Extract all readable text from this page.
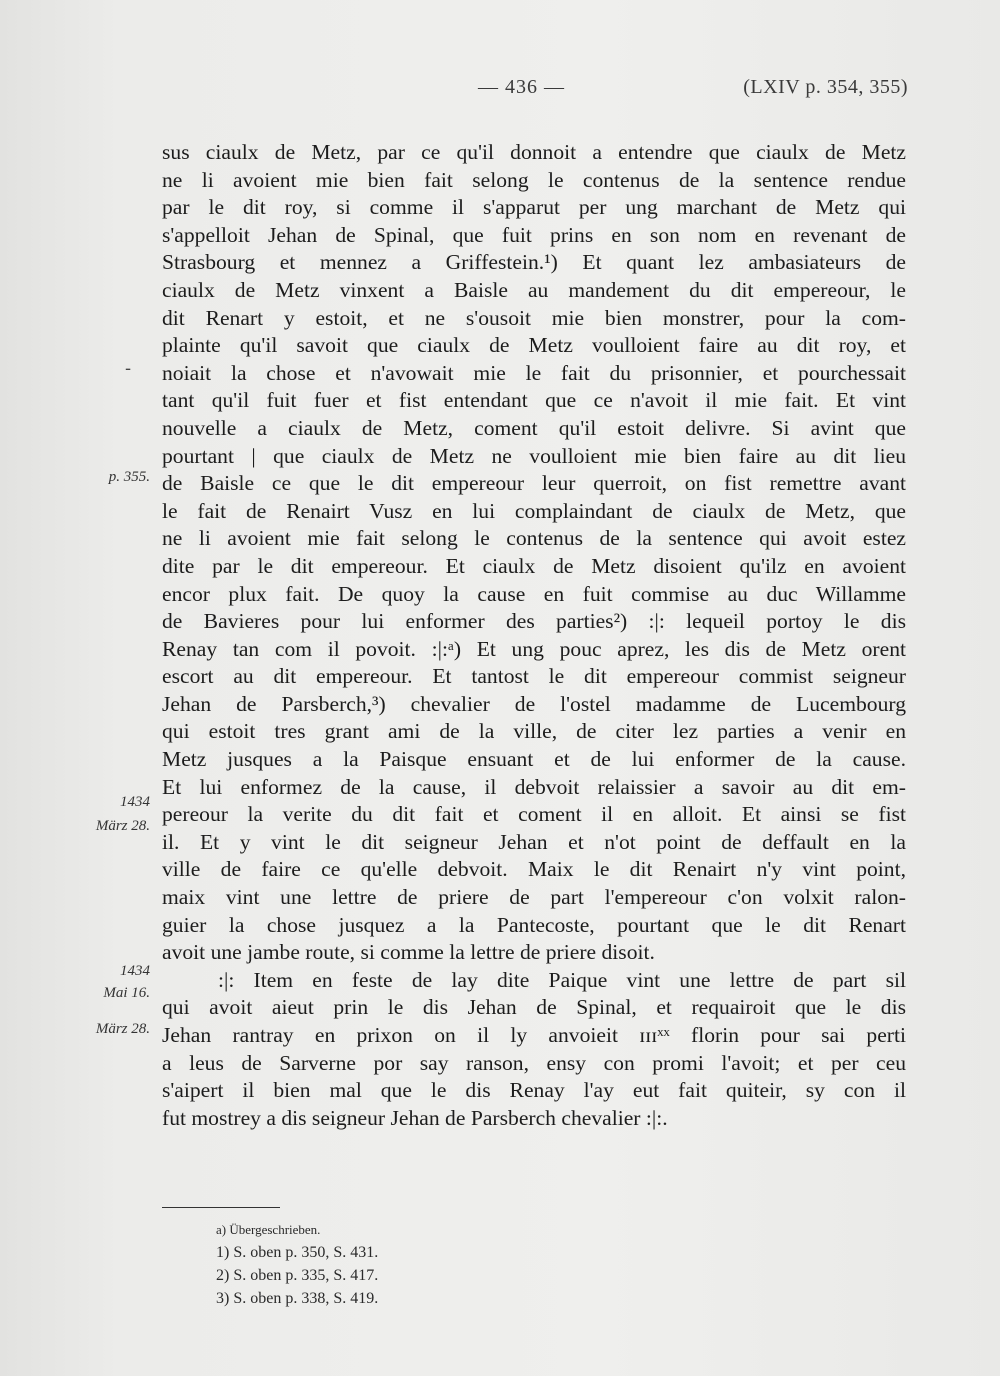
— 436 —	(LXIV p. 354, 355)
-
p. 355.
1434
März 28.
1434
Mai 16.
März 28.
sus ciaulx de Metz, par ce qu'il donnoit a entendre que ciaulx de Metz
ne li avoient mie bien fait selong le contenus de la sentence rendue
par le dit roy, si comme il s'apparut per ung marchant de Metz qui
s'appelloit Jehan de Spinal, que fuit prins en son nom en revenant de
Strasbourg et mennez a Griffestein.¹) Et quant lez ambasiateurs de
ciaulx de Metz vinxent a Baisle au mandement du dit empereour, le
dit Renart y estoit, et ne s'ousoit mie bien monstrer, pour la com-
plainte qu'il savoit que ciaulx de Metz voulloient faire au dit roy, et
noiait la chose et n'avowait mie le fait du prisonnier, et pourchessait
tant qu'il fuit fuer et fist entendant que ce n'avoit il mie fait. Et vint
nouvelle a ciaulx de Metz, coment qu'il estoit delivre. Si avint que
pourtant | que ciaulx de Metz ne voulloient mie bien faire au dit lieu
de Baisle ce que le dit empereour leur querroit, on fist remettre avant
le fait de Renairt Vusz en lui complaindant de ciaulx de Metz, que
ne li avoient mie fait selong le contenus de la sentence qui avoit estez
dite par le dit empereour. Et ciaulx de Metz disoient qu'ilz en avoient
encor plux fait. De quoy la cause en fuit commise au duc Willamme
de Bavieres pour lui enformer des parties²) :|: lequeil portoy le dis
Renay tan com il povoit. :|:ᵃ) Et ung pouc aprez, les dis de Metz orent
escort au dit empereour. Et tantost le dit empereour commist seigneur
Jehan de Parsberch,³) chevalier de l'ostel madamme de Lucembourg
qui estoit tres grant ami de la ville, de citer lez parties a venir en
Metz jusques a la Paisque ensuant et de lui enformer de la cause.
Et lui enformez de la cause, il debvoit relaissier a savoir au dit em-
pereour la verite du dit fait et coment il en alloit. Et ainsi se fist
il. Et y vint le dit seigneur Jehan et n'ot point de deffault en la
ville de faire ce qu'elle debvoit. Maix le dit Renairt n'y vint point,
maix vint une lettre de priere de part l'empereour c'on volxit ralon-
guier la chose jusquez a la Pantecoste, pourtant que le dit Renart
avoit une jambe route, si comme la lettre de priere disoit.
:|: Item en feste de lay dite Paique vint une lettre de part sil
qui avoit aieut prin le dis Jehan de Spinal, et requairoit que le dis
Jehan rantray en prixon on il ly anvoieit ɪɪɪˣˣ florin pour sai perti
a leus de Sarverne por say ranson, ensy con promi l'avoit; et per ceu
s'aipert il bien mal que le dis Renay l'ay eut fait quiteir, sy con il
fut mostrey a dis seigneur Jehan de Parsberch chevalier :|:.
a) Übergeschrieben.
1) S. oben p. 350, S. 431.
2) S. oben p. 335, S. 417.
3) S. oben p. 338, S. 419.
